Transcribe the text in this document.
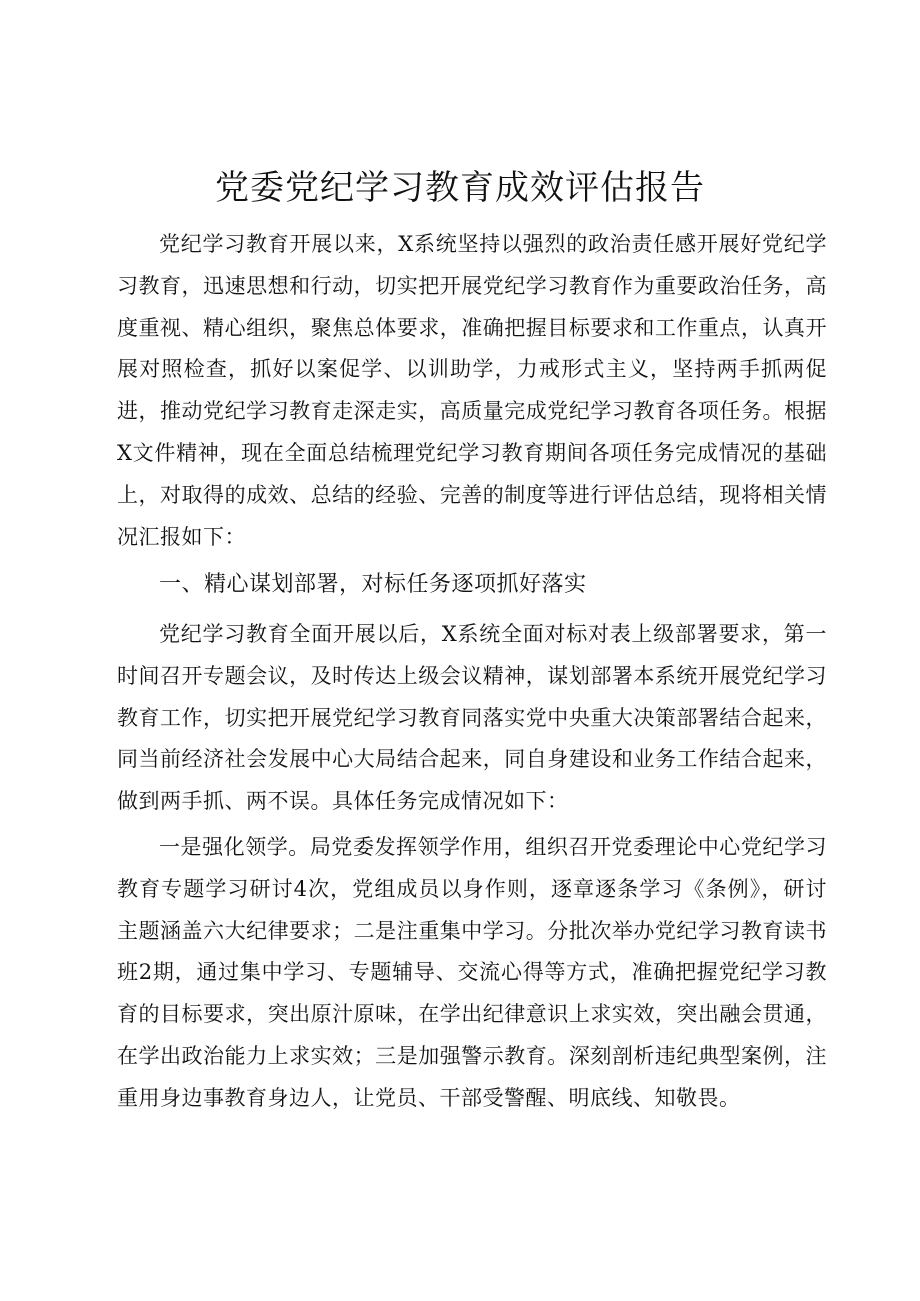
党委党纪学习教育成效评估报告

党纪学习教育开展以来，X系统坚持以强烈的政治责任感开展好党纪学习教育，迅速思想和行动，切实把开展党纪学习教育作为重要政治任务，高度重视、精心组织，聚焦总体要求，准确把握目标要求和工作重点，认真开展对照检查，抓好以案促学、以训助学，力戒形式主义，坚持两手抓两促进，推动党纪学习教育走深走实，高质量完成党纪学习教育各项任务。根据X文件精神，现在全面总结梳理党纪学习教育期间各项任务完成情况的基础上，对取得的成效、总结的经验、完善的制度等进行评估总结，现将相关情况汇报如下：

一、精心谋划部署，对标任务逐项抓好落实

党纪学习教育全面开展以后，X系统全面对标对表上级部署要求，第一时间召开专题会议，及时传达上级会议精神，谋划部署本系统开展党纪学习教育工作，切实把开展党纪学习教育同落实党中央重大决策部署结合起来，同当前经济社会发展中心大局结合起来，同自身建设和业务工作结合起来，做到两手抓、两不误。具体任务完成情况如下：

一是强化领学。局党委发挥领学作用，组织召开党委理论中心党纪学习教育专题学习研讨4次，党组成员以身作则，逐章逐条学习《条例》，研讨主题涵盖六大纪律要求；二是注重集中学习。分批次举办党纪学习教育读书班2期，通过集中学习、专题辅导、交流心得等方式，准确把握党纪学习教育的目标要求，突出原汁原味，在学出纪律意识上求实效，突出融会贯通，在学出政治能力上求实效；三是加强警示教育。深刻剖析违纪典型案例，注重用身边事教育身边人，让党员、干部受警醒、明底线、知敬畏。
